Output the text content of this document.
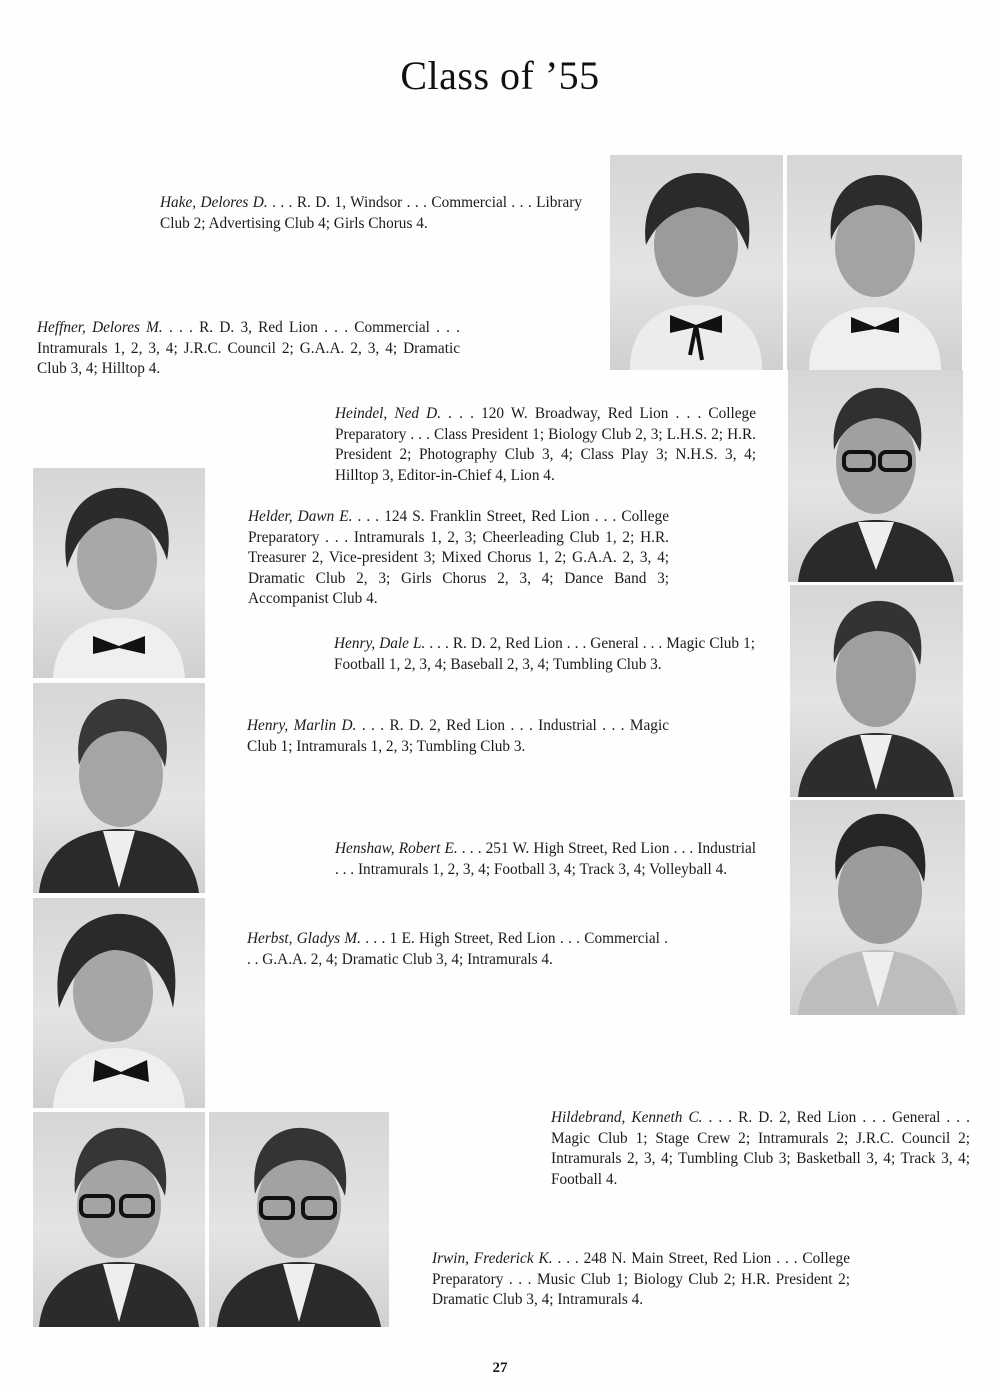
Class of ’55
Hake, Delores D. . . . R. D. 1, Windsor . . . Commercial . . . Library Club 2; Advertising Club 4; Girls Chorus 4.
Heffner, Delores M. . . . R. D. 3, Red Lion . . . Commercial . . . Intramurals 1, 2, 3, 4; J.R.C. Council 2; G.A.A. 2, 3, 4; Dramatic Club 3, 4; Hilltop 4.
Heindel, Ned D. . . . 120 W. Broadway, Red Lion . . . College Preparatory . . . Class President 1; Biology Club 2, 3; L.H.S. 2; H.R. President 2; Photography Club 3, 4; Class Play 3; N.H.S. 3, 4; Hilltop 3, Editor-in-Chief 4, Lion 4.
Helder, Dawn E. . . . 124 S. Franklin Street, Red Lion . . . College Preparatory . . . Intramurals 1, 2, 3; Cheerleading Club 1, 2; H.R. Treasurer 2, Vice-president 3; Mixed Chorus 1, 2; G.A.A. 2, 3, 4; Dramatic Club 2, 3; Girls Chorus 2, 3, 4; Dance Band 3; Accompanist Club 4.
Henry, Dale L. . . . R. D. 2, Red Lion . . . General . . . Magic Club 1; Football 1, 2, 3, 4; Baseball 2, 3, 4; Tumbling Club 3.
Henry, Marlin D. . . . R. D. 2, Red Lion . . . Industrial . . . Magic Club 1; Intramurals 1, 2, 3; Tumbling Club 3.
Henshaw, Robert E. . . . 251 W. High Street, Red Lion . . . Industrial . . . Intramurals 1, 2, 3, 4; Football 3, 4; Track 3, 4; Volleyball 4.
Herbst, Gladys M. . . . 1 E. High Street, Red Lion . . . Commercial . . . G.A.A. 2, 4; Dramatic Club 3, 4; Intramurals 4.
Hildebrand, Kenneth C. . . . R. D. 2, Red Lion . . . General . . . Magic Club 1; Stage Crew 2; Intramurals 2; J.R.C. Council 2; Intramurals 2, 3, 4; Tumbling Club 3; Basketball 3, 4; Track 3, 4; Football 4.
Irwin, Frederick K. . . . 248 N. Main Street, Red Lion . . . College Preparatory . . . Music Club 1; Biology Club 2; H.R. President 2; Dramatic Club 3, 4; Intramurals 4.
27
